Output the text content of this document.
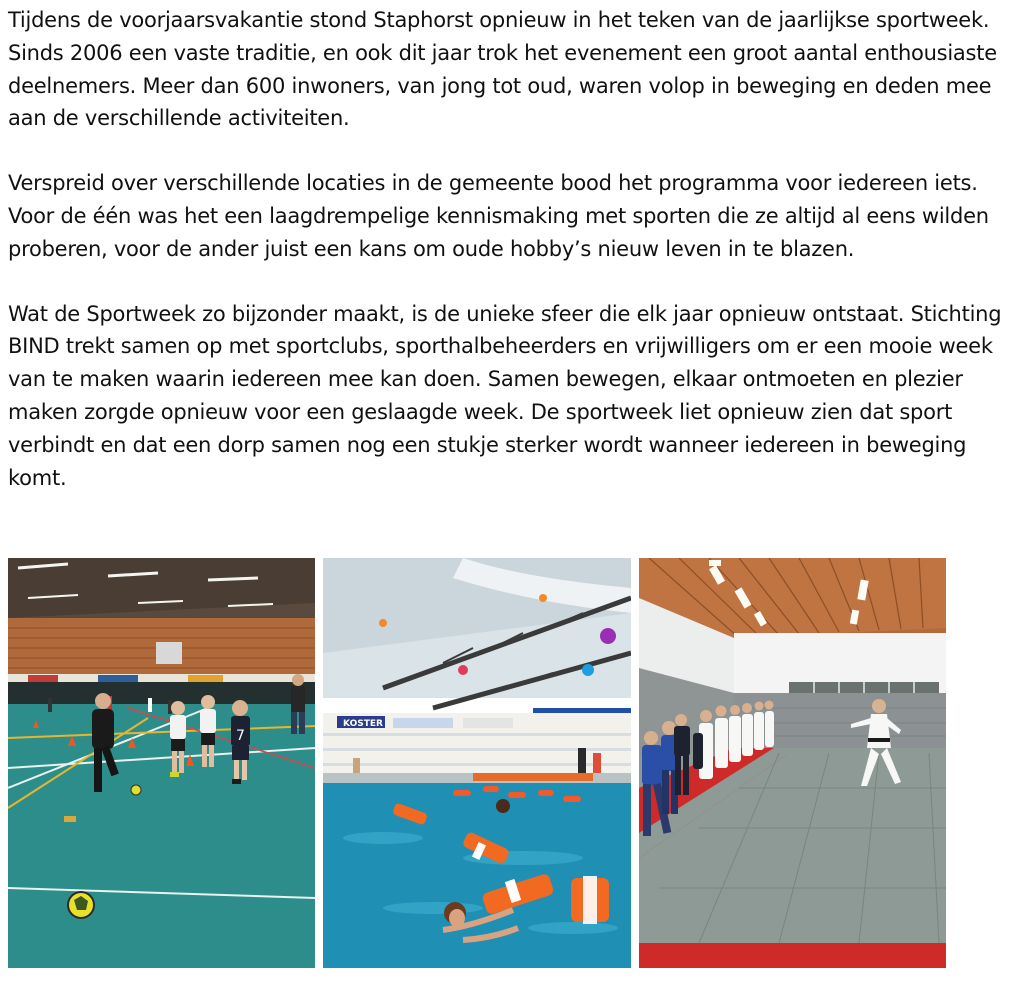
Tijdens de voorjaarsvakantie stond Staphorst opnieuw in het teken van de jaarlijkse sportweek. Sinds 2006 een vaste traditie, en ook dit jaar trok het evenement een groot aantal enthousiaste deelnemers. Meer dan 600 inwoners, van jong tot oud, waren volop in beweging en deden mee aan de verschillende activiteiten.

Verspreid over verschillende locaties in de gemeente bood het programma voor iedereen iets. Voor de één was het een laagdrempelige kennismaking met sporten die ze altijd al eens wilden proberen, voor de ander juist een kans om oude hobby’s nieuw leven in te blazen.

Wat de Sportweek zo bijzonder maakt, is de unieke sfeer die elk jaar opnieuw ontstaat. Stichting BIND trekt samen op met sportclubs, sporthalbeheerders en vrijwilligers om er een mooie week van te maken waarin iedereen mee kan doen. Samen bewegen, elkaar ontmoeten en plezier maken zorgde opnieuw voor een geslaagde week. De sportweek liet opnieuw zien dat sport verbindt en dat een dorp samen nog een stukje sterker wordt wanneer iedereen in beweging komt.

7
KOSTER
